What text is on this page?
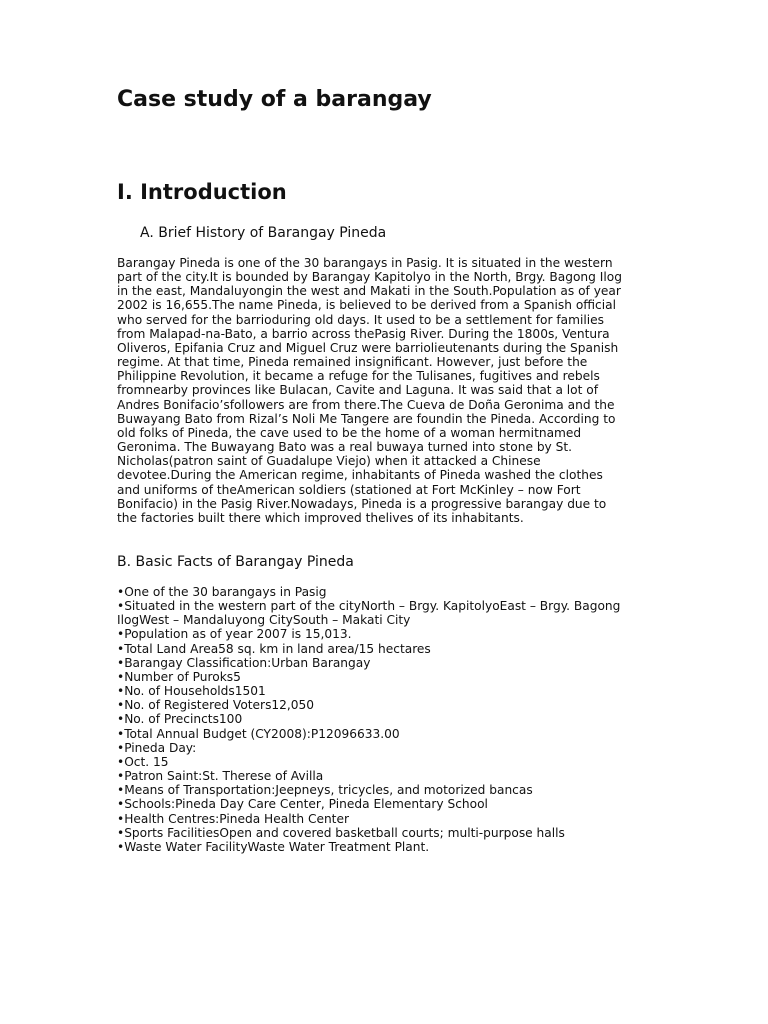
Case study of a barangay
I. Introduction
A. Brief History of Barangay Pineda

Barangay Pineda is one of the 30 barangays in Pasig. It is situated in the western
part of the city.It is bounded by Barangay Kapitolyo in the North, Brgy. Bagong Ilog
in the east, Mandaluyongin the west and Makati in the South.Population as of year
2002 is 16,655.The name Pineda, is believed to be derived from a Spanish official
who served for the barrioduring old days. It used to be a settlement for families
from Malapad-na-Bato, a barrio across thePasig River. During the 1800s, Ventura
Oliveros, Epifania Cruz and Miguel Cruz were barriolieutenants during the Spanish
regime. At that time, Pineda remained insignificant. However, just before the
Philippine Revolution, it became a refuge for the Tulisanes, fugitives and rebels
fromnearby provinces like Bulacan, Cavite and Laguna. It was said that a lot of
Andres Bonifacio’sfollowers are from there.The Cueva de Doña Geronima and the
Buwayang Bato from Rizal’s Noli Me Tangere are foundin the Pineda. According to
old folks of Pineda, the cave used to be the home of a woman hermitnamed
Geronima. The Buwayang Bato was a real buwaya turned into stone by St.
Nicholas(patron saint of Guadalupe Viejo) when it attacked a Chinese
devotee.During the American regime, inhabitants of Pineda washed the clothes
and uniforms of theAmerican soldiers (stationed at Fort McKinley – now Fort
Bonifacio) in the Pasig River.Nowadays, Pineda is a progressive barangay due to
the factories built there which improved thelives of its inhabitants.

B. Basic Facts of Barangay Pineda
•One of the 30 barangays in Pasig
•Situated in the western part of the cityNorth – Brgy. KapitolyoEast – Brgy. Bagong
IlogWest – Mandaluyong CitySouth – Makati City
•Population as of year 2007 is 15,013.
•Total Land Area58 sq. km in land area/15 hectares
•Barangay Classification:Urban Barangay
•Number of Puroks5
•No. of Households1501
•No. of Registered Voters12,050
•No. of Precincts100
•Total Annual Budget (CY2008):P12096633.00
•Pineda Day:
•Oct. 15
•Patron Saint:St. Therese of Avilla
•Means of Transportation:Jeepneys, tricycles, and motorized bancas
•Schools:Pineda Day Care Center, Pineda Elementary School
•Health Centres:Pineda Health Center
•Sports FacilitiesOpen and covered basketball courts; multi-purpose halls
•Waste Water FacilityWaste Water Treatment Plant.
